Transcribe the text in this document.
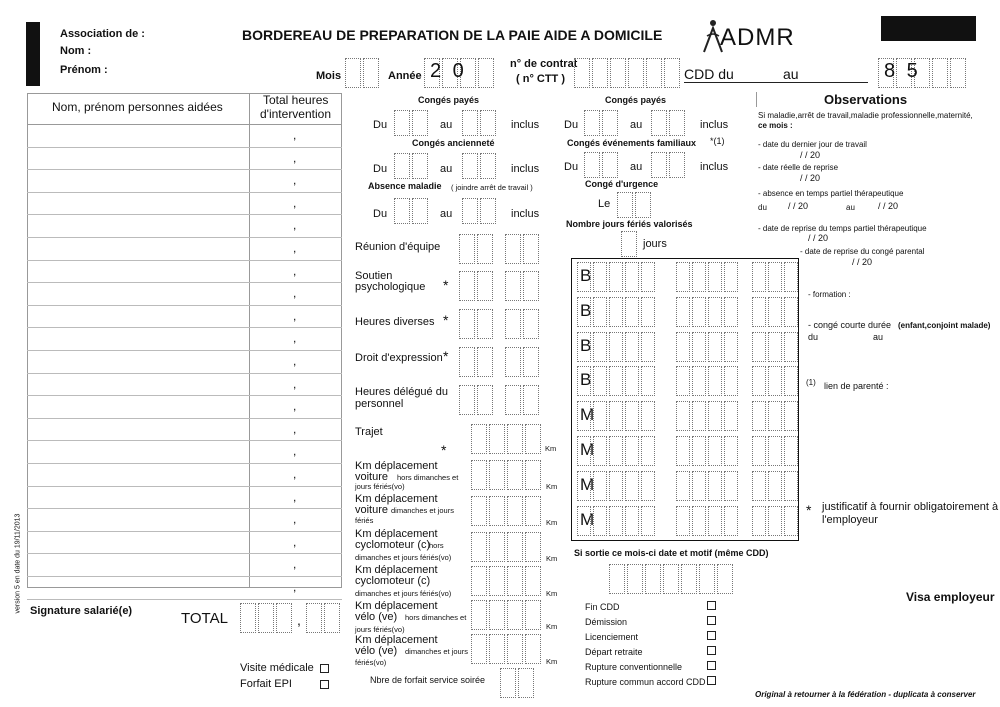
Association de :
Nom :
Prénom :
BORDEREAU DE PREPARATION DE LA PAIE AIDE A DOMICILE ADMR
Mois	Année 2 0	n° de contrat
( n° CTT )	CDD du	au	8 5
Nom, prénom personnes aidées	Total heures
d'intervention
,
,
,
,
,
,
,
,
,
,
,
,
,
,
,
,
,
,
,
,
,
version 5 en date du 19/11/2013 Signature salarié(e)	TOTAL	,
Visite médicale
Forfait EPI
Congés payés
Du	au	inclus
Congés payés
Du	au	inclus
Congés ancienneté
Du	au	inclus
Congés événements familiaux *(1)
Du	au	inclus
Absence maladie ( joindre arrêt de travail )
Du	au	inclus
Congé d'urgence
Le
Nombre jours fériés valorisés
jours
Réunion d'équipe
Soutien
psychologique *
Heures diverses *
Droit d'expression *
Heures délégué du
personnel
Trajet
*	Km
Km déplacement
voiture hors dimanches et
jours fériés(vo)	Km
Km déplacement
voiture dimanches et jours
fériés	Km
Km déplacement
cyclomoteur (c)
hors
dimanches et jours fériés(vo)	Km
Km déplacement
cyclomoteur (c)
dimanches et jours fériés(vo)	Km
Km déplacement
vélo (ve) hors dimanches et
jours fériés(vo)	Km
Km déplacement
vélo (ve) dimanches et jours
fériés(vo)	Km
Nbre de forfait service soirée
B
B
B
B
M
M
M
M
Si sortie ce mois-ci date et motif (même CDD)
Fin CDD
Démission
Licenciement
Départ retraite
Rupture conventionnelle
Rupture commun accord CDD
Observations
Si maladie,arrêt de travail,maladie professionnelle,maternité,
ce mois :
- date du dernier jour de travail
/ / 20
- date réelle de reprise
/ / 20
- absence en temps partiel thérapeutique
du / / 20	au	/ / 20
- date de reprise du temps partiel thérapeutique
/ / 20
- date de reprise du congé parental
/ / 20
- formation :
- congé courte durée (enfant,conjoint malade)
du	au
(1) lien de parenté :
* justificatif à fournir obligatoirement à
l'employeur
Visa employeur
Original à retourner à la fédération - duplicata à conserver
